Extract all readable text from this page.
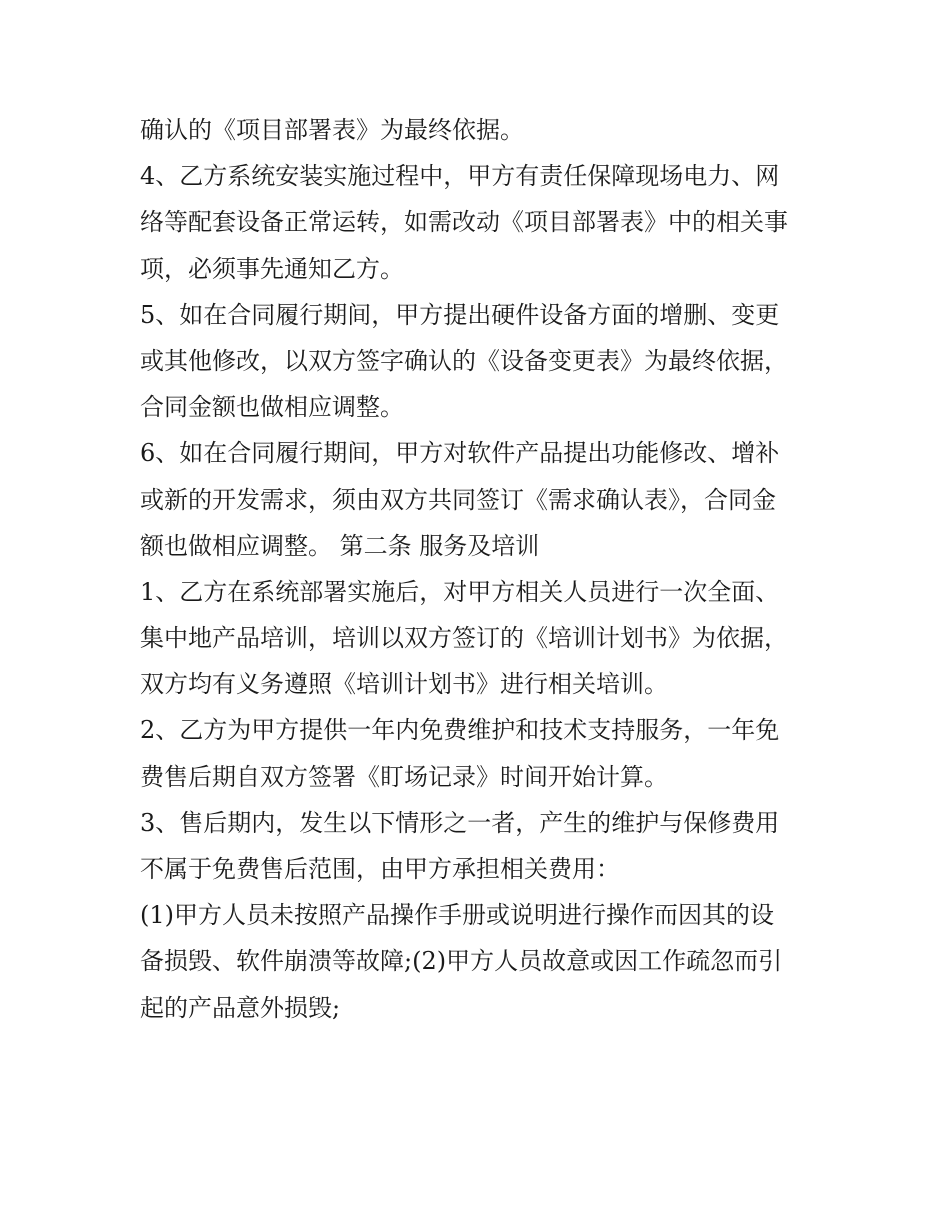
确认的《项目部署表》为最终依据。
4、乙方系统安装实施过程中，甲方有责任保障现场电力、网
络等配套设备正常运转，如需改动《项目部署表》中的相关事
项，必须事先通知乙方。
5、如在合同履行期间，甲方提出硬件设备方面的增删、变更
或其他修改，以双方签字确认的《设备变更表》为最终依据，
合同金额也做相应调整。
6、如在合同履行期间，甲方对软件产品提出功能修改、增补
或新的开发需求，须由双方共同签订《需求确认表》，合同金
额也做相应调整。 第二条 服务及培训
1、乙方在系统部署实施后，对甲方相关人员进行一次全面、
集中地产品培训，培训以双方签订的《培训计划书》为依据，
双方均有义务遵照《培训计划书》进行相关培训。
2、乙方为甲方提供一年内免费维护和技术支持服务，一年免
费售后期自双方签署《盯场记录》时间开始计算。
3、售后期内，发生以下情形之一者，产生的维护与保修费用
不属于免费售后范围，由甲方承担相关费用：
(1)甲方人员未按照产品操作手册或说明进行操作而因其的设
备损毁、软件崩溃等故障;(2)甲方人员故意或因工作疏忽而引
起的产品意外损毁;
